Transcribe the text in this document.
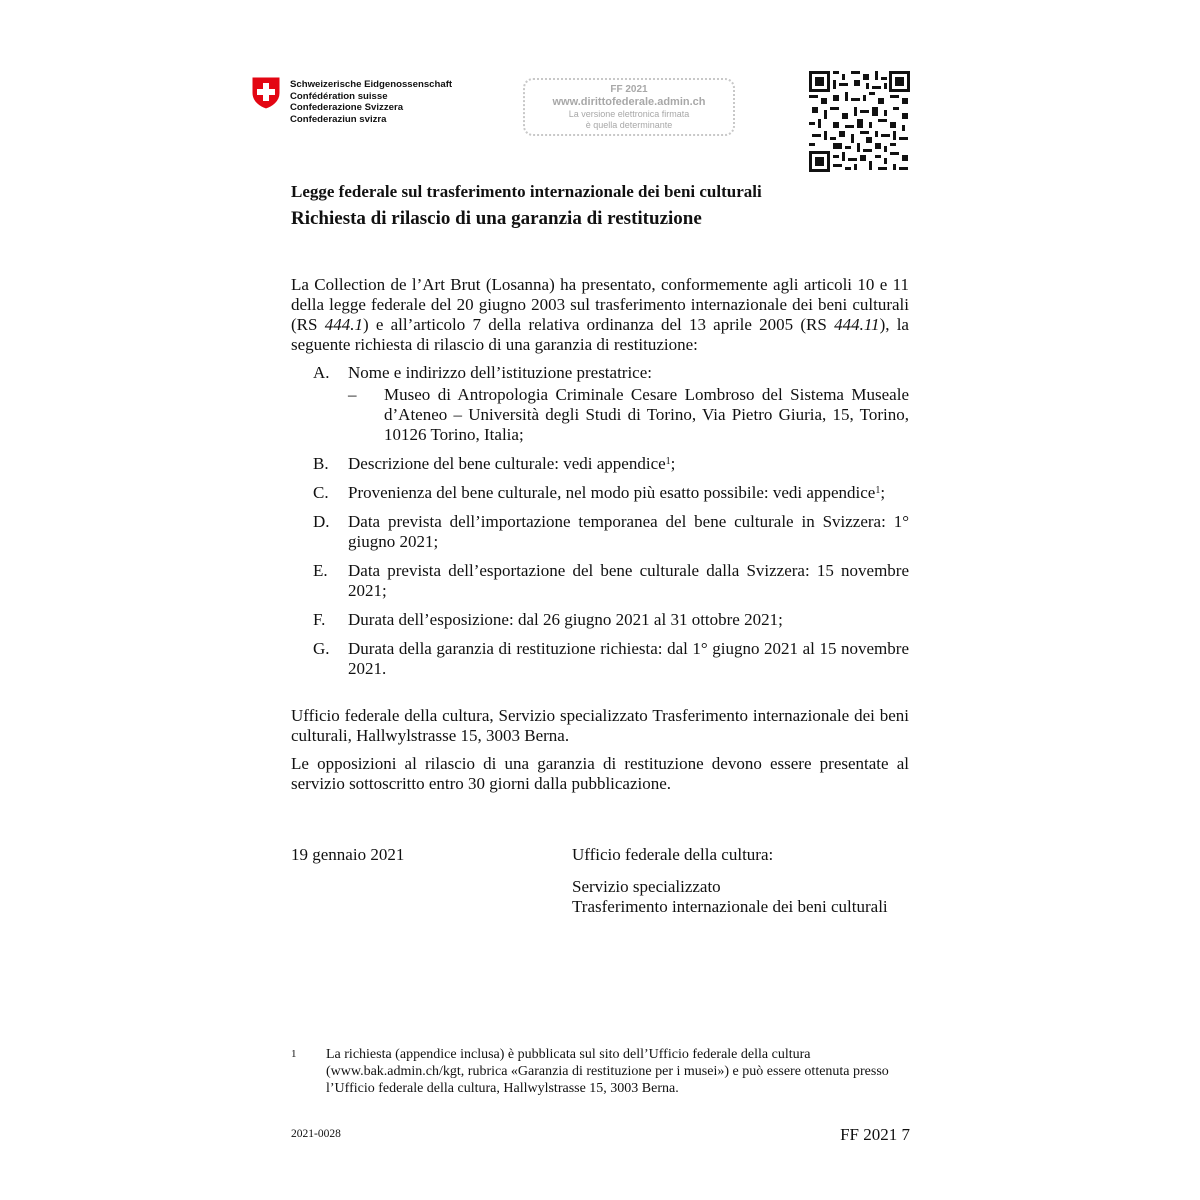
Schweizerische Eidgenossenschaft
Confédération suisse
Confederazione Svizzera
Confederaziun svizra
FF 2021
www.dirittofederale.admin.ch
La versione elettronica firmata
è quella determinante
Legge federale sul trasferimento internazionale dei beni culturali
Richiesta di rilascio di una garanzia di restituzione
La Collection de l’Art Brut (Losanna) ha presentato, conformemente agli articoli 10 e 11 della legge federale del 20 giugno 2003 sul trasferimento internazionale dei beni culturali (RS 444.1) e all’articolo 7 della relativa ordinanza del 13 aprile 2005 (RS 444.11), la seguente richiesta di rilascio di una garanzia di restituzione:
A. Nome e indirizzo dell’istituzione prestatrice:
– Museo di Antropologia Criminale Cesare Lombroso del Sistema Museale d’Ateneo – Università degli Studi di Torino, Via Pietro Giuria, 15, Torino, 10126 Torino, Italia;
B. Descrizione del bene culturale: vedi appendice$^1$;
C. Provenienza del bene culturale, nel modo più esatto possibile: vedi appendice$^1$;
D. Data prevista dell’importazione temporanea del bene culturale in Svizzera: 1° giugno 2021;
E. Data prevista dell’esportazione del bene culturale dalla Svizzera: 15 novembre 2021;
F. Durata dell’esposizione: dal 26 giugno 2021 al 31 ottobre 2021;
G. Durata della garanzia di restituzione richiesta: dal 1° giugno 2021 al 15 novembre 2021.
Ufficio federale della cultura, Servizio specializzato Trasferimento internazionale dei beni culturali, Hallwylstrasse 15, 3003 Berna.
Le opposizioni al rilascio di una garanzia di restituzione devono essere presentate al servizio sottoscritto entro 30 giorni dalla pubblicazione.
19 gennaio 2021	Ufficio federale della cultura:
Servizio specializzato
Trasferimento internazionale dei beni culturali
1 La richiesta (appendice inclusa) è pubblicata sul sito dell’Ufficio federale della cultura (www.bak.admin.ch/kgt, rubrica «Garanzia di restituzione per i musei») e può essere ottenuta presso l’Ufficio federale della cultura, Hallwylstrasse 15, 3003 Berna.
2021-0028	FF 2021 7
